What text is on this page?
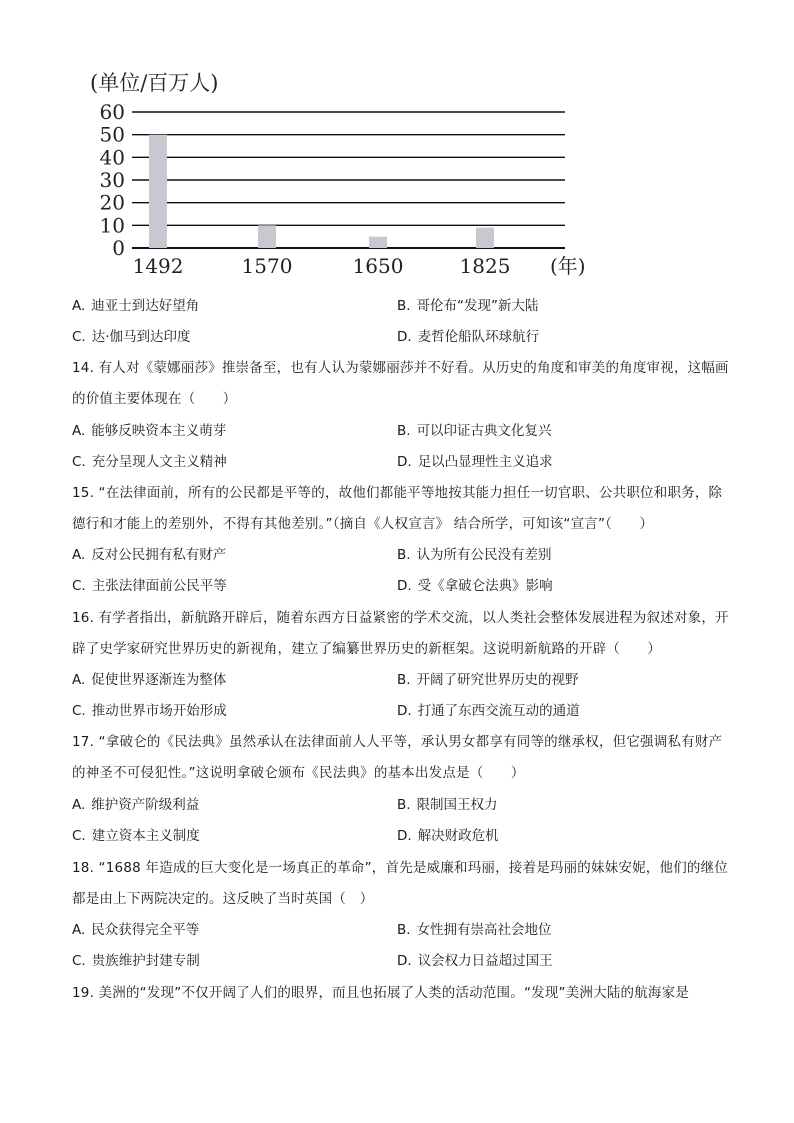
(单位/百万人)
60
50
40
30
20
10
0
1492	1570	1650	1825 (年)
A. 迪亚士到达好望角	B. 哥伦布“发现”新大陆
C. 达·伽马到达印度	D. 麦哲伦船队环球航行
14. 有人对《蒙娜丽莎》推崇备至，也有人认为蒙娜丽莎并不好看。从历史的角度和审美的角度审视，这幅画的价值主要体现在（　　）
A. 能够反映资本主义萌芽	B. 可以印证古典文化复兴
C. 充分呈现人文主义精神	D. 足以凸显理性主义追求
15. “在法律面前，所有的公民都是平等的，故他们都能平等地按其能力担任一切官职、公共职位和职务，除德行和才能上的差别外，不得有其他差别。”（摘自《人权宣言》 结合所学，可知该“宣言”（　　）
A. 反对公民拥有私有财产	B. 认为所有公民没有差别
C. 主张法律面前公民平等	D. 受《拿破仑法典》影响
16. 有学者指出，新航路开辟后，随着东西方日益紧密的学术交流，以人类社会整体发展进程为叙述对象，开辟了史学家研究世界历史的新视角，建立了编纂世界历史的新框架。这说明新航路的开辟（　　）
A. 促使世界逐渐连为整体	B. 开阔了研究世界历史的视野
C. 推动世界市场开始形成	D. 打通了东西交流互动的通道
17. “拿破仑的《民法典》虽然承认在法律面前人人平等，承认男女都享有同等的继承权，但它强调私有财产的神圣不可侵犯性。”这说明拿破仑颁布《民法典》的基本出发点是（　　）
A. 维护资产阶级利益	B. 限制国王权力
C. 建立资本主义制度	D. 解决财政危机
18. “1688 年造成的巨大变化是一场真正的革命”，首先是威廉和玛丽，接着是玛丽的妹妹安妮，他们的继位都是由上下两院决定的。这反映了当时英国（　）
A. 民众获得完全平等	B. 女性拥有崇高社会地位
C. 贵族维护封建专制	D. 议会权力日益超过国王
19. 美洲的“发现”不仅开阔了人们的眼界，而且也拓展了人类的活动范围。“发现”美洲大陆的航海家是
